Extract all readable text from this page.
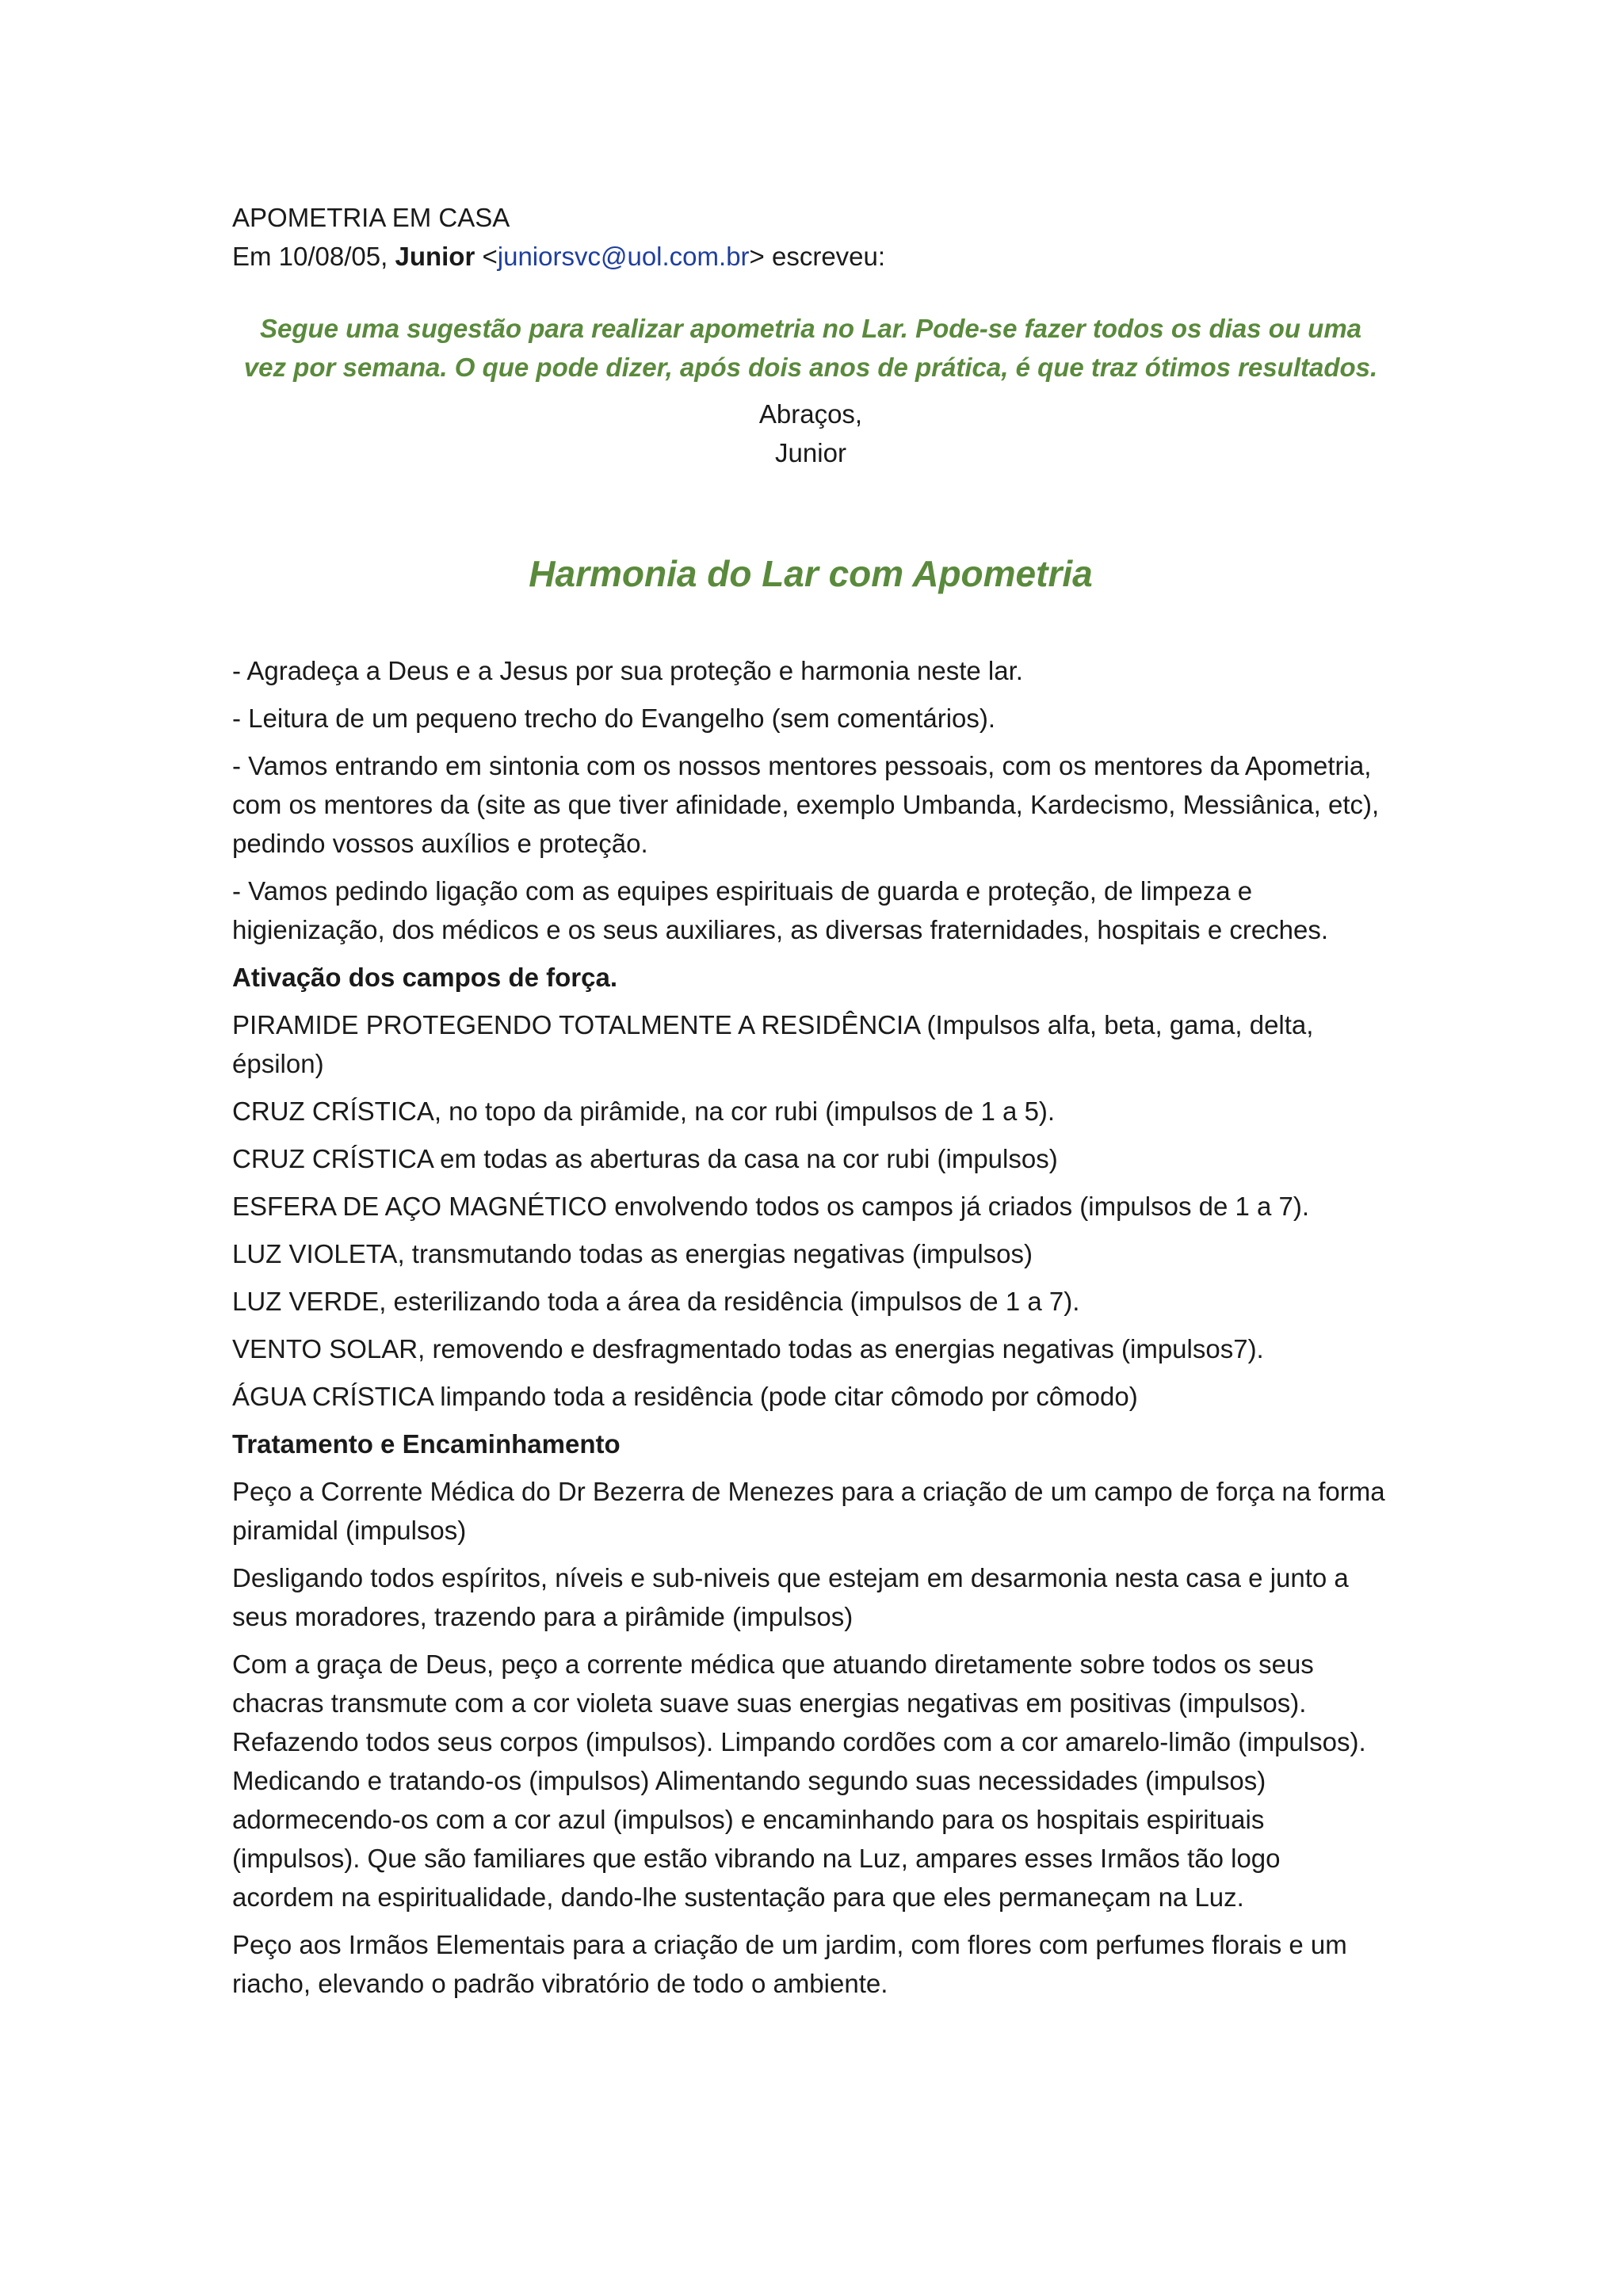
APOMETRIA EM CASA

Em 10/08/05, Junior <juniorsvc@uol.com.br> escreveu:

Segue uma sugestão para realizar apometria no Lar. Pode-se fazer todos os dias ou uma vez por semana. O que pode dizer, após dois anos de prática, é que traz ótimos resultados.

Abraços,

Junior

Harmonia do Lar com Apometria

- Agradeça a Deus e a Jesus por sua proteção e harmonia neste lar.

- Leitura de um pequeno trecho do Evangelho (sem comentários).

- Vamos entrando em sintonia com os nossos mentores pessoais, com os mentores da Apometria, com os mentores da (site as que tiver afinidade, exemplo Umbanda, Kardecismo, Messiânica, etc), pedindo vossos auxílios e proteção.

- Vamos pedindo ligação com as equipes espirituais de guarda e proteção, de limpeza e higienização, dos médicos e os seus auxiliares, as diversas fraternidades, hospitais e creches.

Ativação dos campos de força.

PIRAMIDE PROTEGENDO TOTALMENTE A RESIDÊNCIA (Impulsos alfa, beta, gama, delta, épsilon)

CRUZ CRÍSTICA, no topo da pirâmide, na cor rubi (impulsos de 1 a 5).

CRUZ CRÍSTICA em todas as aberturas da casa na cor rubi (impulsos)

ESFERA DE AÇO MAGNÉTICO envolvendo todos os campos já criados (impulsos de 1 a 7).

LUZ VIOLETA, transmutando todas as energias negativas (impulsos)

LUZ VERDE, esterilizando toda a área da residência (impulsos de 1 a 7).

VENTO SOLAR, removendo e desfragmentado todas as energias negativas (impulsos7).

ÁGUA CRÍSTICA limpando toda a residência (pode citar cômodo por cômodo)

Tratamento e Encaminhamento

Peço a Corrente Médica do Dr Bezerra de Menezes para a criação de um campo de força na forma piramidal (impulsos)

Desligando todos espíritos, níveis e sub-niveis que estejam em desarmonia nesta casa e junto a seus moradores, trazendo para a pirâmide (impulsos)

Com a graça de Deus, peço a corrente médica que atuando diretamente sobre todos os seus chacras transmute com a cor violeta suave suas energias negativas em positivas (impulsos). Refazendo todos seus corpos (impulsos). Limpando cordões com a cor amarelo-limão (impulsos). Medicando e tratando-os (impulsos) Alimentando segundo suas necessidades (impulsos) adormecendo-os com a cor azul (impulsos) e encaminhando para os hospitais espirituais (impulsos). Que são familiares que estão vibrando na Luz, ampares esses Irmãos tão logo acordem na espiritualidade, dando-lhe sustentação para que eles permaneçam na Luz.

Peço aos Irmãos Elementais para a criação de um jardim, com flores com perfumes florais e um riacho, elevando o padrão vibratório de todo o ambiente.
